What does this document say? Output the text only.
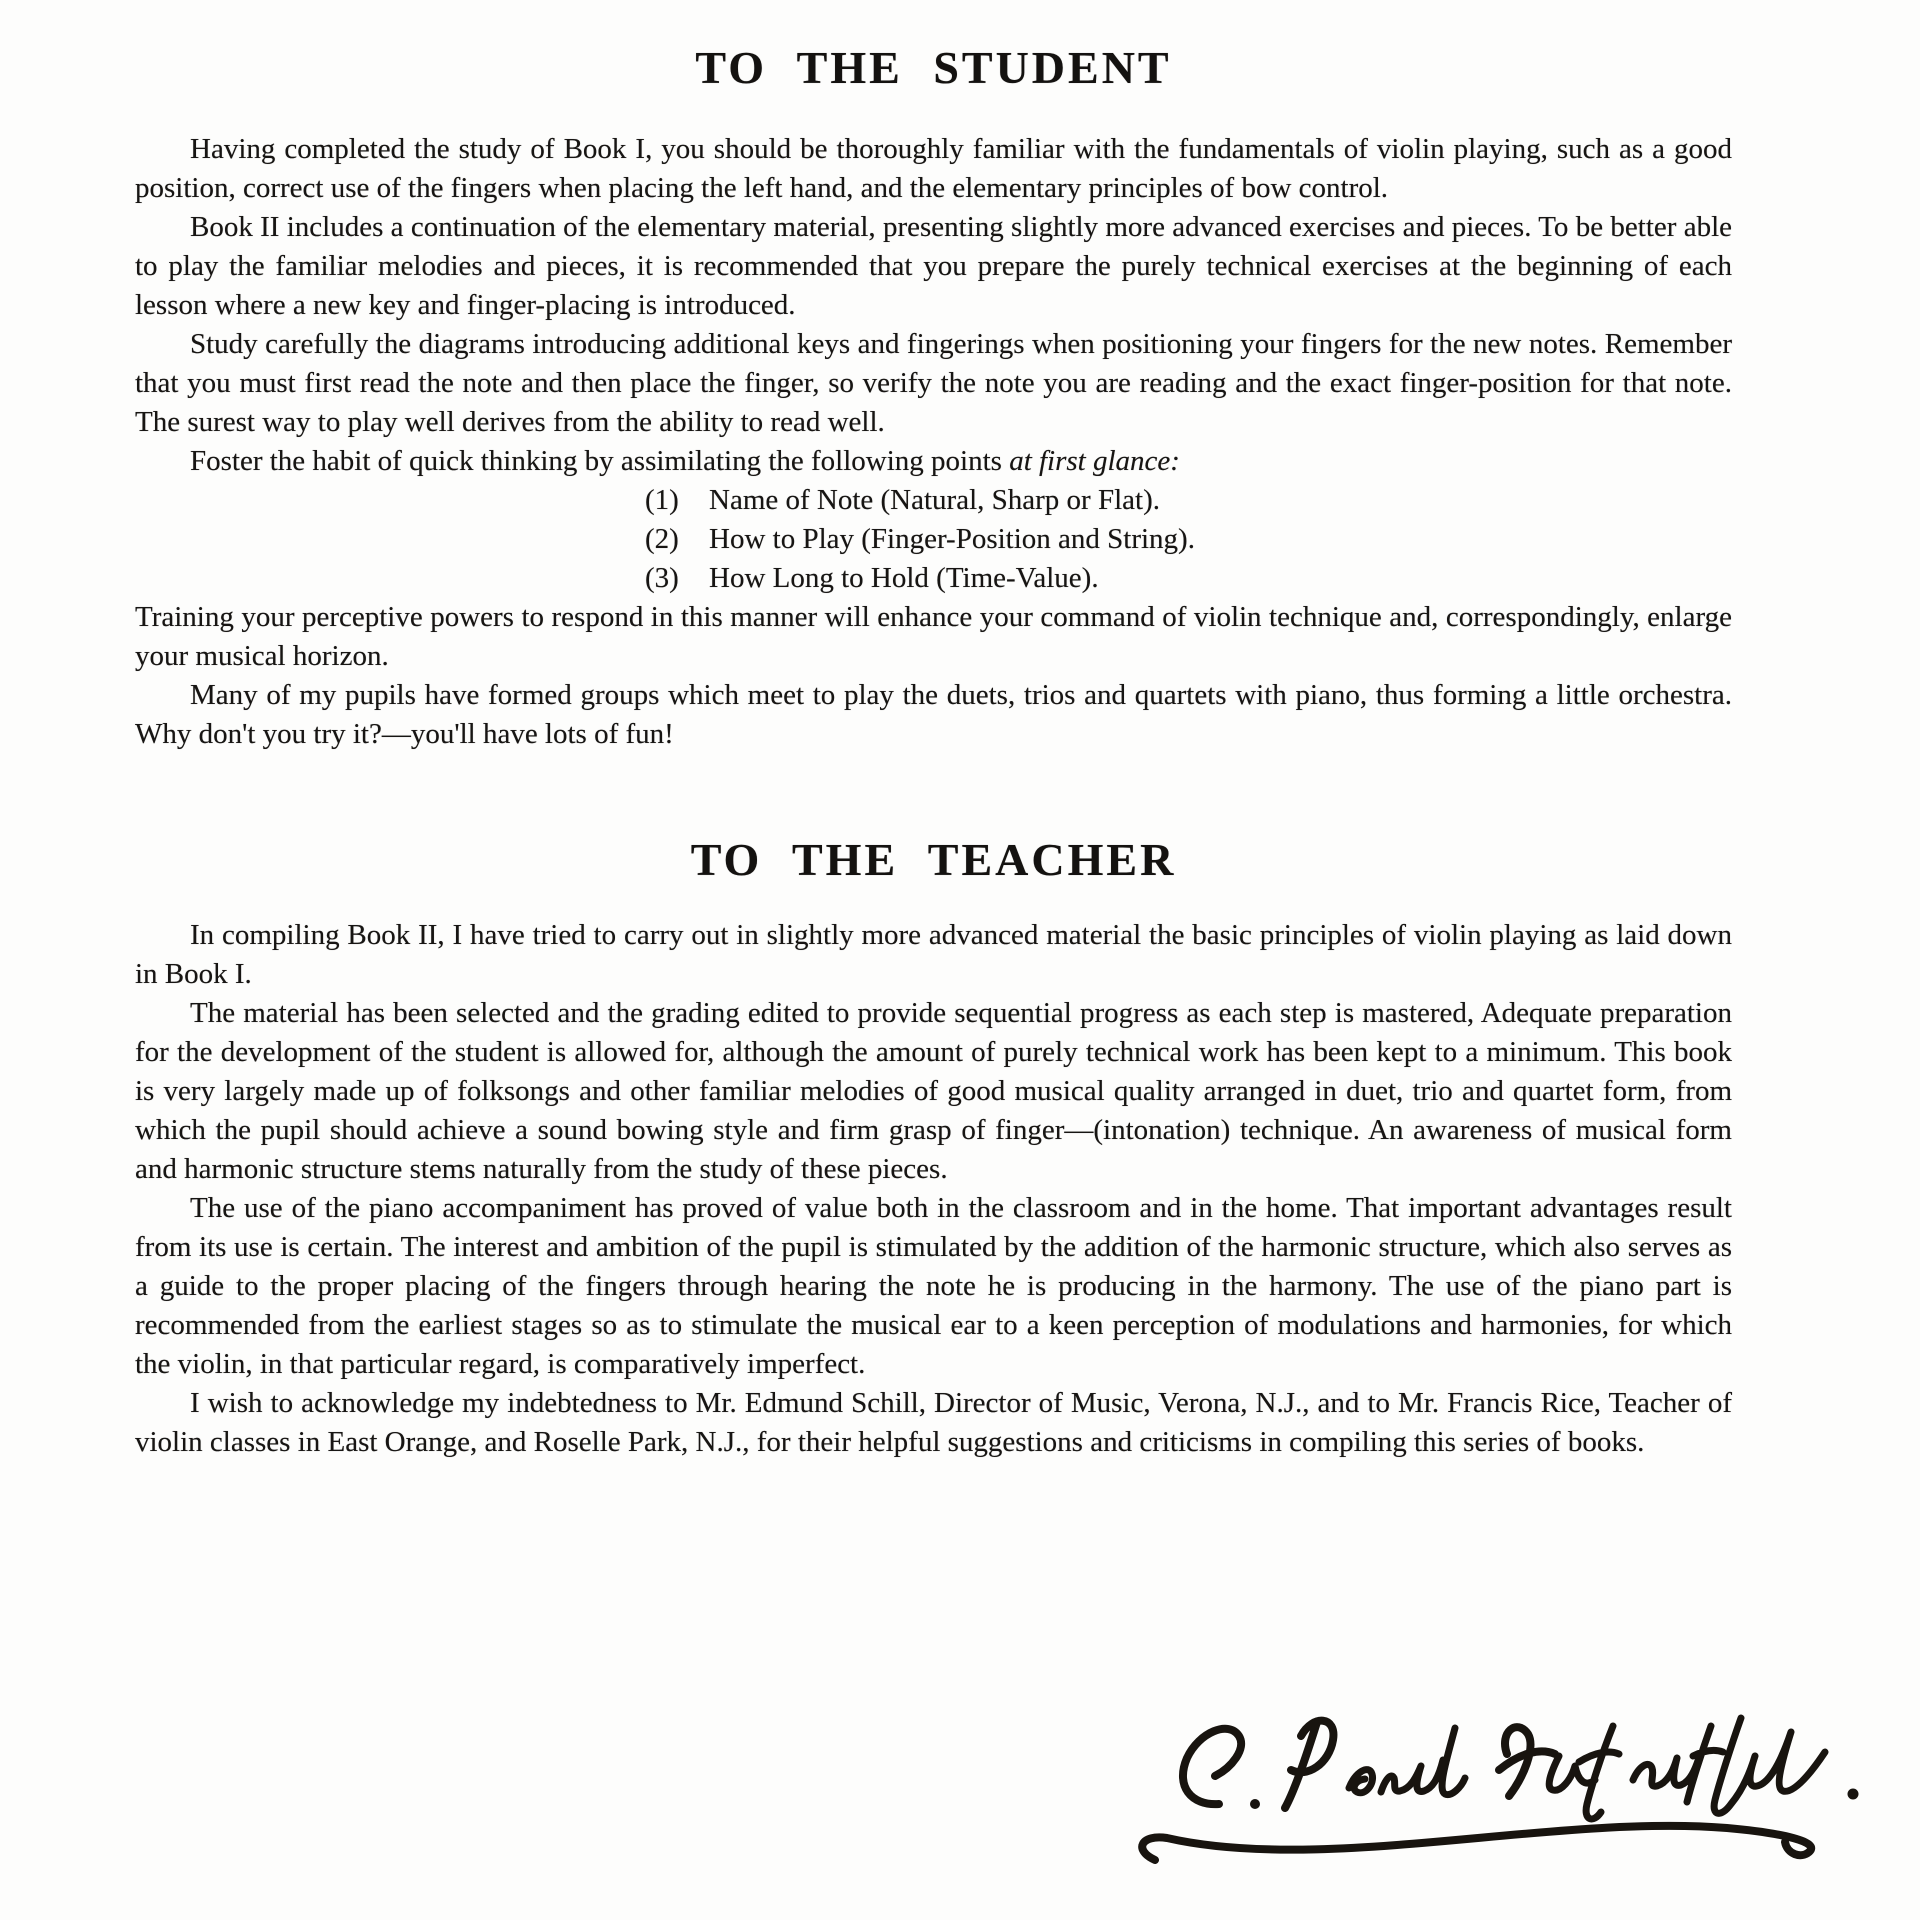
TO THE STUDENT

Having completed the study of Book I, you should be thoroughly familiar with the fundamentals of violin playing, such as a good position, correct use of the fingers when placing the left hand, and the elementary principles of bow control.

Book II includes a continuation of the elementary material, presenting slightly more advanced exercises and pieces. To be better able to play the familiar melodies and pieces, it is recommended that you prepare the purely technical exercises at the beginning of each lesson where a new key and finger-placing is introduced.

Study carefully the diagrams introducing additional keys and fingerings when positioning your fingers for the new notes. Remember that you must first read the note and then place the finger, so verify the note you are reading and the exact finger-position for that note. The surest way to play well derives from the ability to read well.

Foster the habit of quick thinking by assimilating the following points at first glance:

(1) Name of Note (Natural, Sharp or Flat).
(2) How to Play (Finger-Position and String).
(3) How Long to Hold (Time-Value).

Training your perceptive powers to respond in this manner will enhance your command of violin technique and, correspondingly, enlarge your musical horizon.

Many of my pupils have formed groups which meet to play the duets, trios and quartets with piano, thus forming a little orchestra. Why don't you try it?—you'll have lots of fun!

TO THE TEACHER

In compiling Book II, I have tried to carry out in slightly more advanced material the basic principles of violin playing as laid down in Book I.

The material has been selected and the grading edited to provide sequential progress as each step is mastered, Adequate preparation for the development of the student is allowed for, although the amount of purely technical work has been kept to a minimum. This book is very largely made up of folksongs and other familiar melodies of good musical quality arranged in duet, trio and quartet form, from which the pupil should achieve a sound bowing style and firm grasp of finger—(intonation) technique. An awareness of musical form and harmonic structure stems naturally from the study of these pieces.

The use of the piano accompaniment has proved of value both in the classroom and in the home. That important advantages result from its use is certain. The interest and ambition of the pupil is stimulated by the addition of the harmonic structure, which also serves as a guide to the proper placing of the fingers through hearing the note he is producing in the harmony. The use of the piano part is recommended from the earliest stages so as to stimulate the musical ear to a keen perception of modulations and harmonies, for which the violin, in that particular regard, is comparatively imperfect.

I wish to acknowledge my indebtedness to Mr. Edmund Schill, Director of Music, Verona, N.J., and to Mr. Francis Rice, Teacher of violin classes in East Orange, and Roselle Park, N.J., for their helpful suggestions and criticisms in compiling this series of books.
